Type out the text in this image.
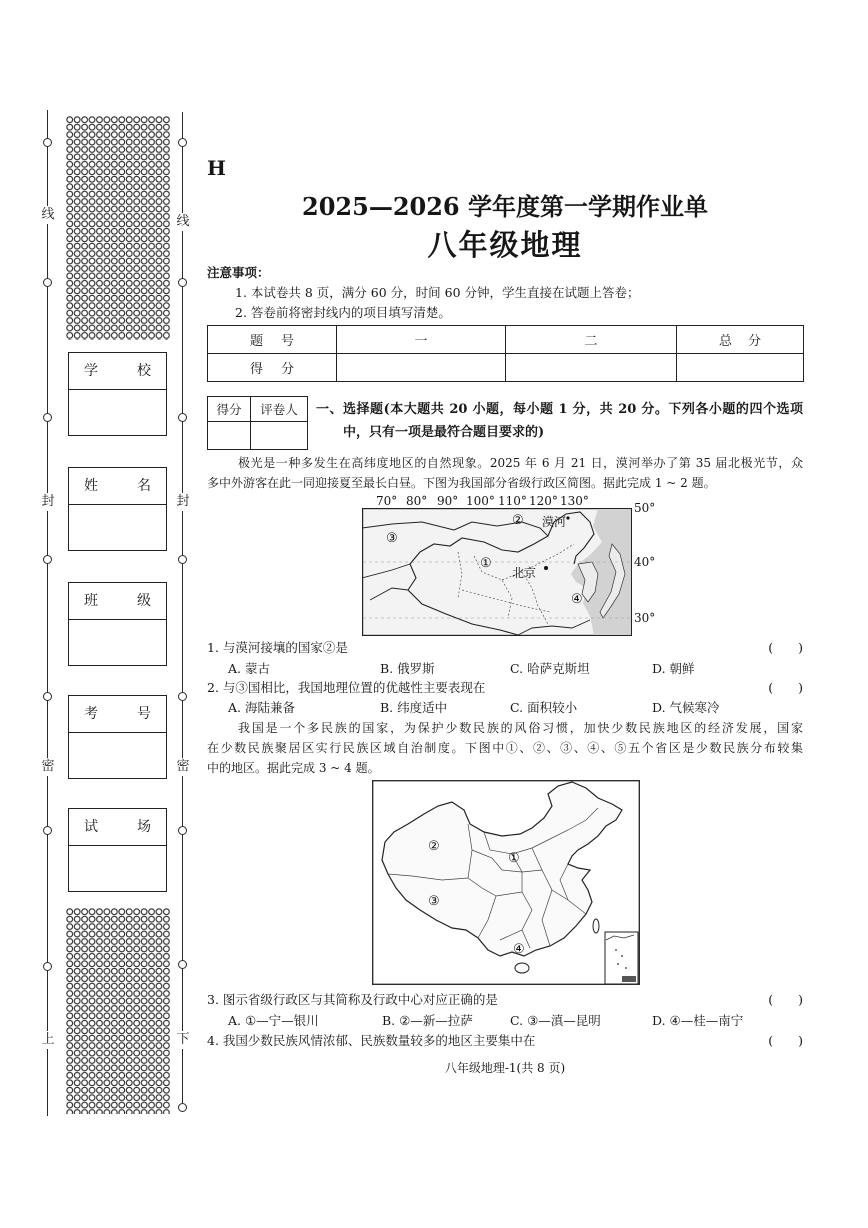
线
封
密
上
线
封
密
下
学校
姓名
班级
考号
试场
H
2025—2026 学年度第一学期作业单
八年级地理
注意事项：
1. 本试卷共 8 页，满分 60 分，时间 60 分钟，学生直接在试题上答卷；
2. 答卷前将密封线内的项目填写清楚。
题号	一	二	总分

得分			

得分	评卷人
	一、选择题(本大题共 20 小题，每小题 1 分，共 20 分。下列各小题的四个选项
中，只有一项是最符合题目要求的)
极光是一种多发生在高纬度地区的自然现象。2025 年 6 月 21 日，漠河举办了第 35 届北极光节，众
多中外游客在此一同迎接夏至最长白昼。下图为我国部分省级行政区简图。据此完成 1 ~ 2 题。
70° 80° 90° 100° 110° 120° 130°	50°
40°
30°
③
② 漠河
①
北京
④
1. 与漠河接壤的国家②是	(　　)
A. 蒙古	B. 俄罗斯	C. 哈萨克斯坦	D. 朝鲜
2. 与③国相比，我国地理位置的优越性主要表现在	(　　)
A. 海陆兼备	B. 纬度适中	C. 面积较小	D. 气候寒冷
我国是一个多民族的国家，为保护少数民族的风俗习惯，加快少数民族地区的经济发展，国家
在少数民族聚居区实行民族区域自治制度。下图中①、②、③、④、⑤五个省区是少数民族分布较集
中的地区。据此完成 3 ~ 4 题。
②
①
③
④
3. 图示省级行政区与其简称及行政中心对应正确的是	(　　)
A. ①—宁—银川	B. ②—新—拉萨	C. ③—滇—昆明	D. ④—桂—南宁
4. 我国少数民族风情浓郁、民族数量较多的地区主要集中在	(　　)
八年级地理-1(共 8 页)
